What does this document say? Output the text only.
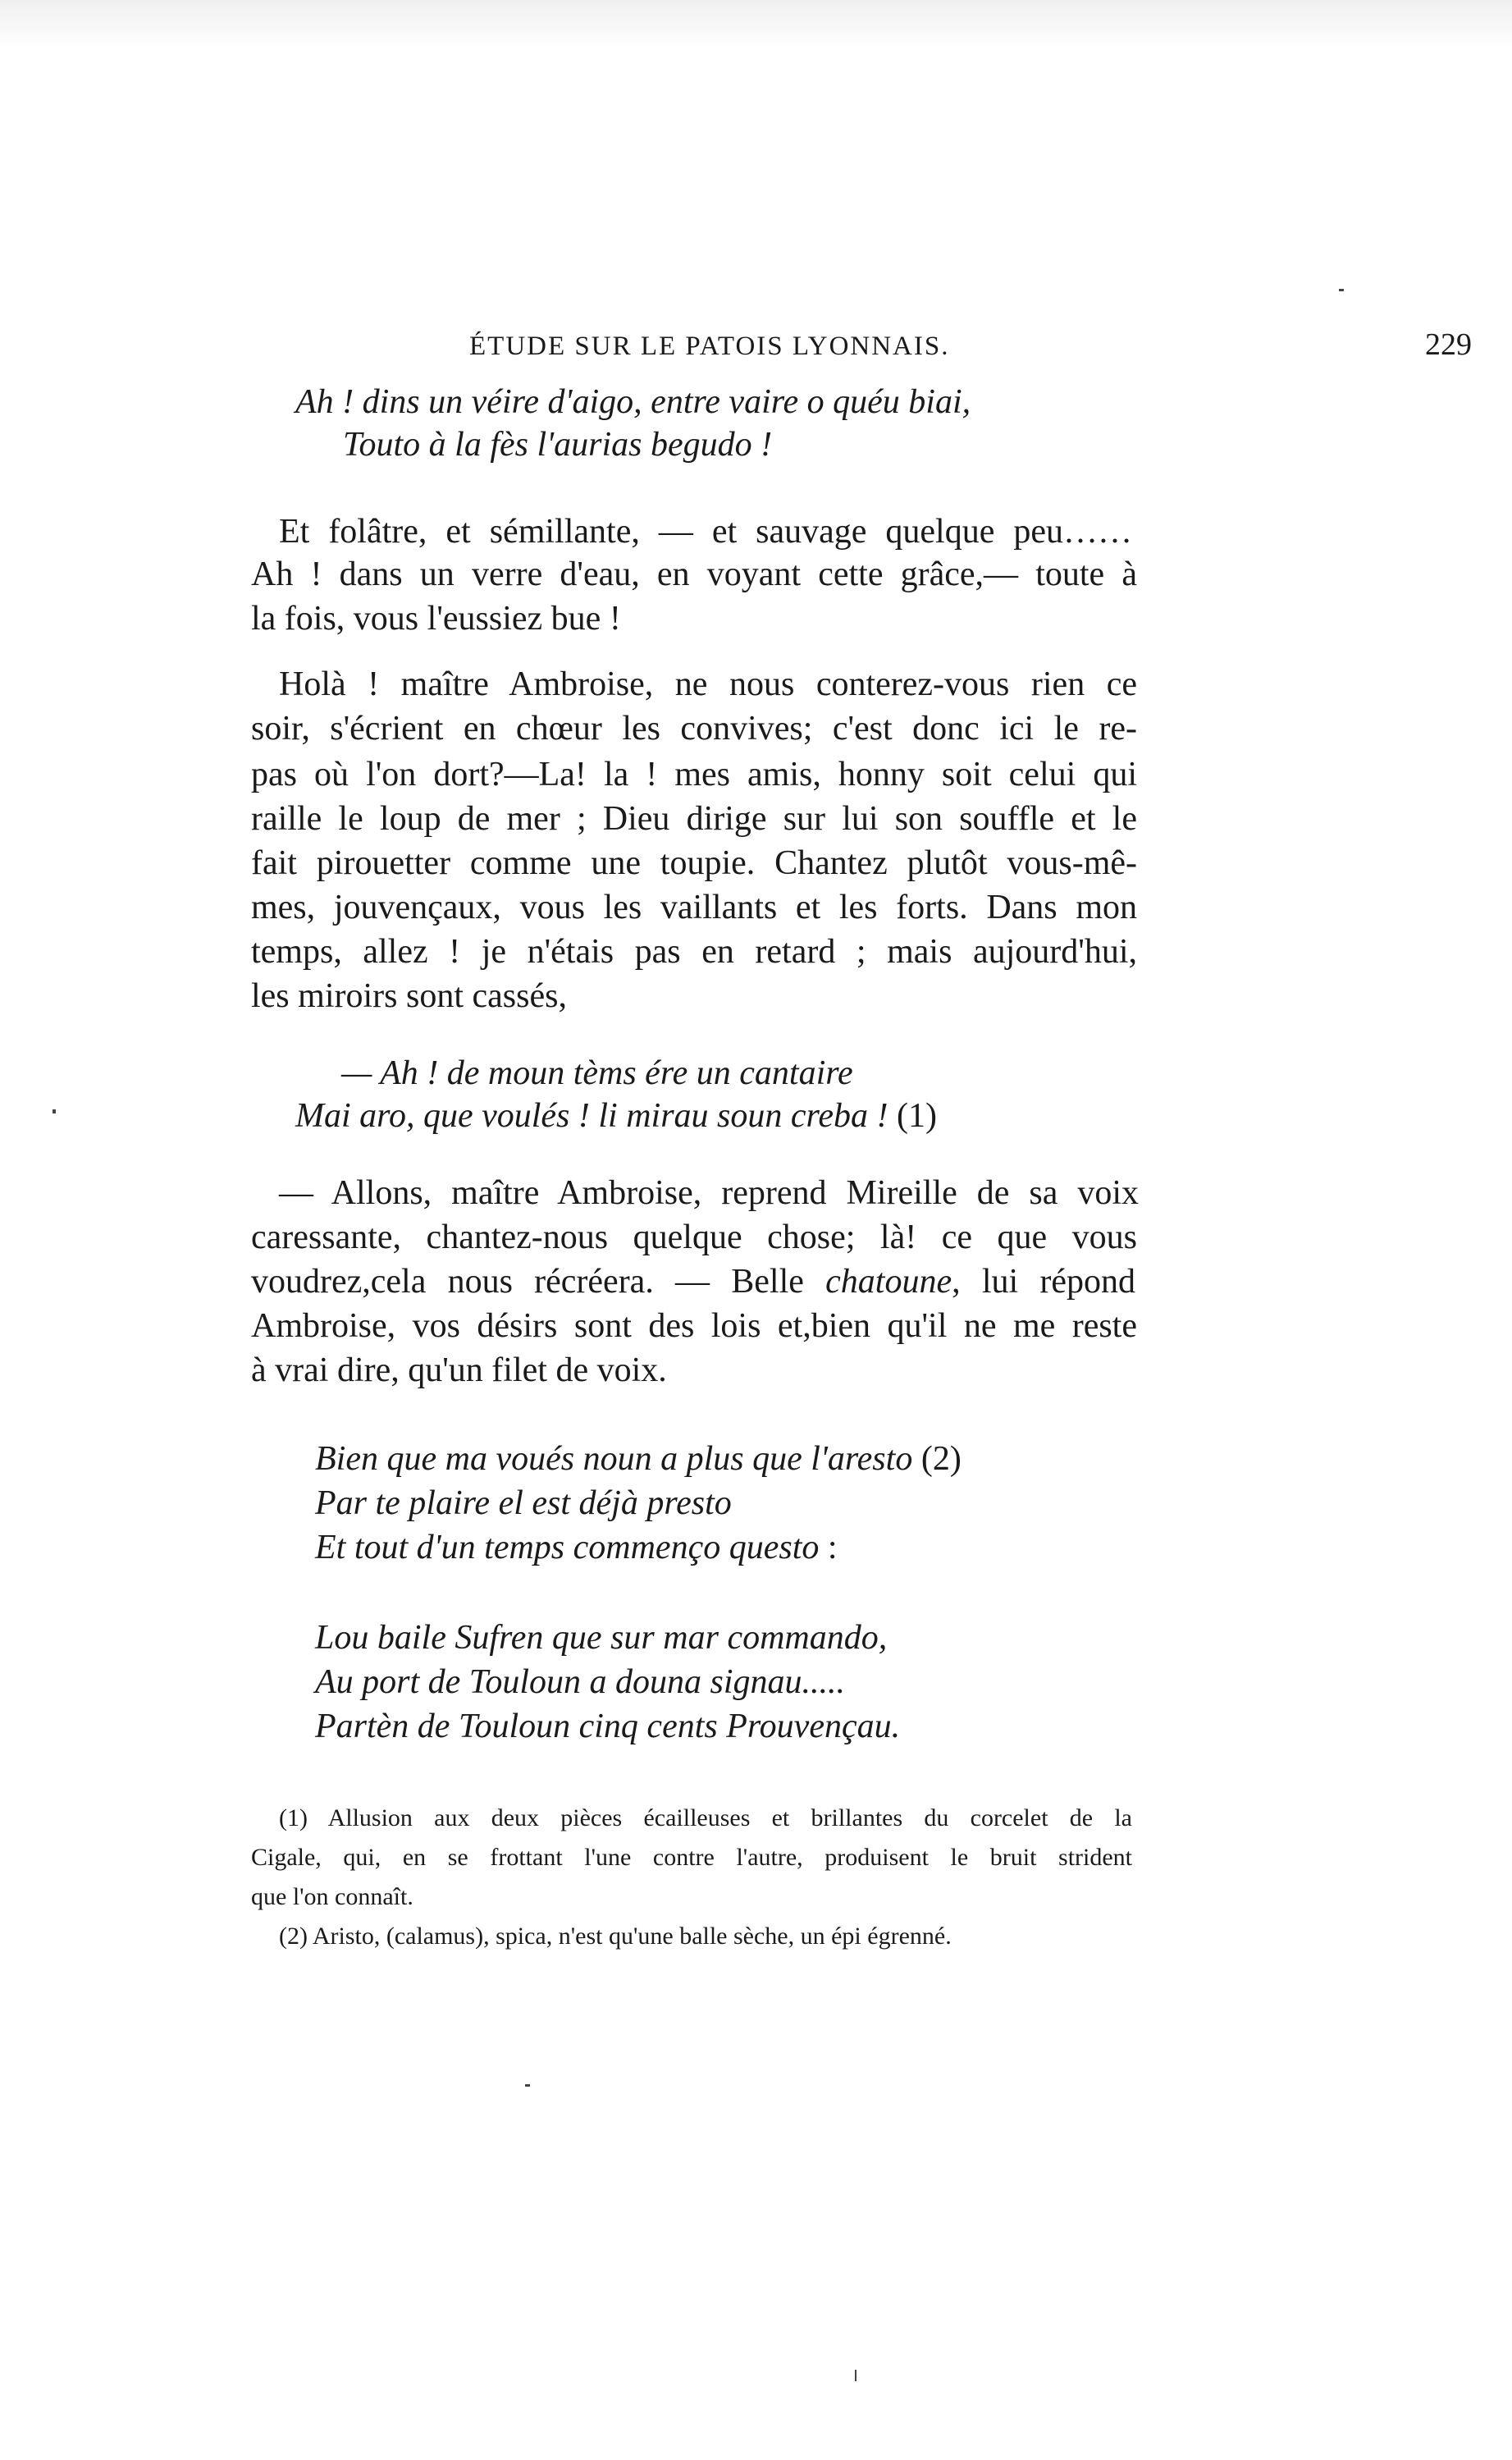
ÉTUDE SUR LE PATOIS LYONNAIS.	229
Ah ! dins un véire d'aigo, entre vaire o quéu biai,
Touto à la fès l'aurias begudo !
Et folâtre, et sémillante, — et sauvage quelque peu……
Ah ! dans un verre d'eau, en voyant cette grâce,— toute à
la fois, vous l'eussiez bue !
Holà ! maître Ambroise, ne nous conterez-vous rien ce
soir, s'écrient en chœur les convives; c'est donc ici le re-
pas où l'on dort?—La! la ! mes amis, honny soit celui qui
raille le loup de mer ; Dieu dirige sur lui son souffle et le
fait pirouetter comme une toupie. Chantez plutôt vous-mê-
mes, jouvençaux, vous les vaillants et les forts. Dans mon
temps, allez ! je n'étais pas en retard ; mais aujourd'hui,
les miroirs sont cassés,
— Ah ! de moun tèms ére un cantaire
Mai aro, que voulés ! li mirau soun creba ! (1)
— Allons, maître Ambroise, reprend Mireille de sa voix
caressante, chantez-nous quelque chose; là! ce que vous
voudrez,cela nous récréera. — Belle chatoune, lui répond
Ambroise, vos désirs sont des lois et,bien qu'il ne me reste
à vrai dire, qu'un filet de voix.
Bien que ma voués noun a plus que l'aresto (2)
Par te plaire el est déjà presto
Et tout d'un temps commenço questo :
Lou baile Sufren que sur mar commando,
Au port de Touloun a douna signau.....
Partèn de Touloun cinq cents Prouvençau.
(1) Allusion aux deux pièces écailleuses et brillantes du corcelet de la
Cigale, qui, en se frottant l'une contre l'autre, produisent le bruit strident
que l'on connaît.
(2) Aristo, (calamus), spica, n'est qu'une balle sèche, un épi égrenné.
